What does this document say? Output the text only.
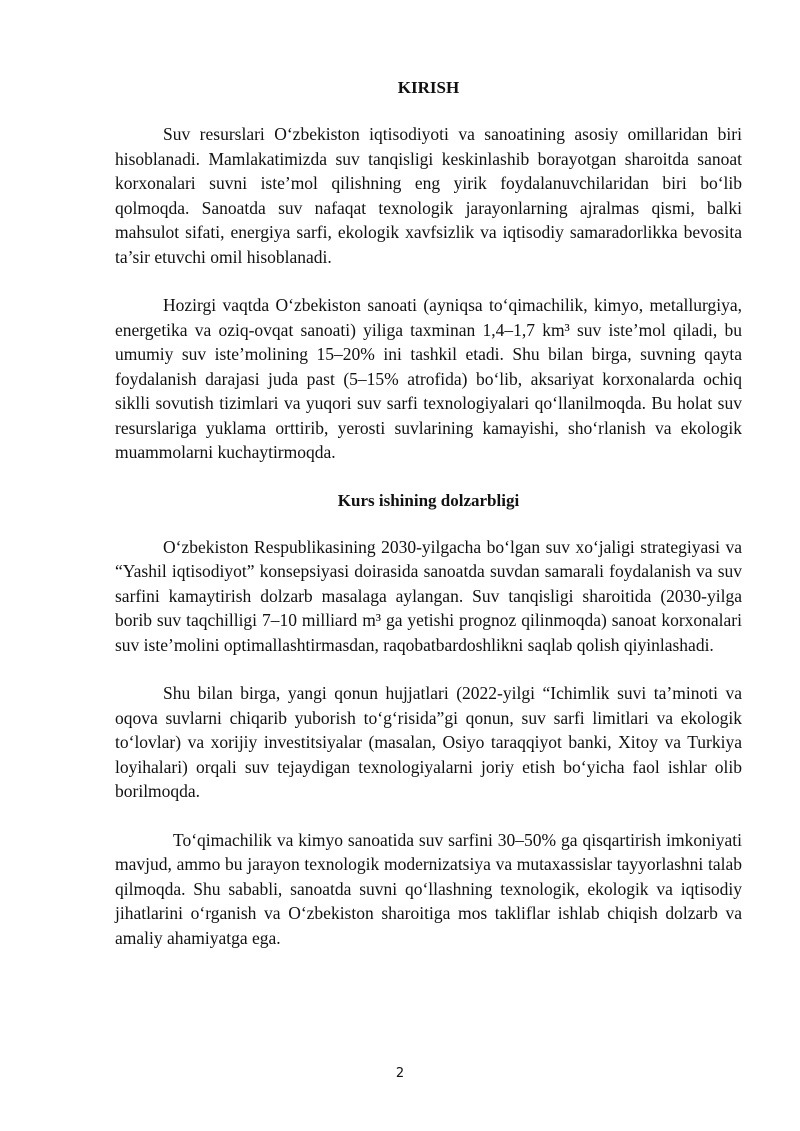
KIRISH

Suv resurslari O‘zbekiston iqtisodiyoti va sanoatining asosiy omillaridan biri hisoblanadi. Mamlakatimizda suv tanqisligi keskinlashib borayotgan sharoitda sanoat korxonalari suvni iste’mol qilishning eng yirik foydalanuvchilaridan biri bo‘lib qolmoqda. Sanoatda suv nafaqat texnologik jarayonlarning ajralmas qismi, balki mahsulot sifati, energiya sarfi, ekologik xavfsizlik va iqtisodiy samaradorlikka bevosita ta’sir etuvchi omil hisoblanadi.

Hozirgi vaqtda O‘zbekiston sanoati (ayniqsa to‘qimachilik, kimyo, metallurgiya, energetika va oziq-ovqat sanoati) yiliga taxminan 1,4–1,7 km³ suv iste’mol qiladi, bu umumiy suv iste’molining 15–20% ini tashkil etadi. Shu bilan birga, suvning qayta foydalanish darajasi juda past (5–15% atrofida) bo‘lib, aksariyat korxonalarda ochiq siklli sovutish tizimlari va yuqori suv sarfi texnologiyalari qo‘llanilmoqda. Bu holat suv resurslariga yuklama orttirib, yerosti suvlarining kamayishi, sho‘rlanish va ekologik muammolarni kuchaytirmoqda.

Kurs ishining dolzarbligi

O‘zbekiston Respublikasining 2030-yilgacha bo‘lgan suv xo‘jaligi strategiyasi va “Yashil iqtisodiyot” konsepsiyasi doirasida sanoatda suvdan samarali foydalanish va suv sarfini kamaytirish dolzarb masalaga aylangan. Suv tanqisligi sharoitida (2030-yilga borib suv taqchilligi 7–10 milliard m³ ga yetishi prognoz qilinmoqda) sanoat korxonalari suv iste’molini optimallashtirmasdan, raqobatbardoshlikni saqlab qolish qiyinlashadi.

Shu bilan birga, yangi qonun hujjatlari (2022-yilgi “Ichimlik suvi ta’minoti va oqova suvlarni chiqarib yuborish to‘g‘risida”gi qonun, suv sarfi limitlari va ekologik to‘lovlar) va xorijiy investitsiyalar (masalan, Osiyo taraqqiyot banki, Xitoy va Turkiya loyihalari) orqali suv tejaydigan texnologiyalarni joriy etish bo‘yicha faol ishlar olib borilmoqda.

To‘qimachilik va kimyo sanoatida suv sarfini 30–50% ga qisqartirish imkoniyati mavjud, ammo bu jarayon texnologik modernizatsiya va mutaxassislar tayyorlashni talab qilmoqda. Shu sababli, sanoatda suvni qo‘llashning texnologik, ekologik va iqtisodiy jihatlarini o‘rganish va O‘zbekiston sharoitiga mos takliflar ishlab chiqish dolzarb va amaliy ahamiyatga ega.

2
